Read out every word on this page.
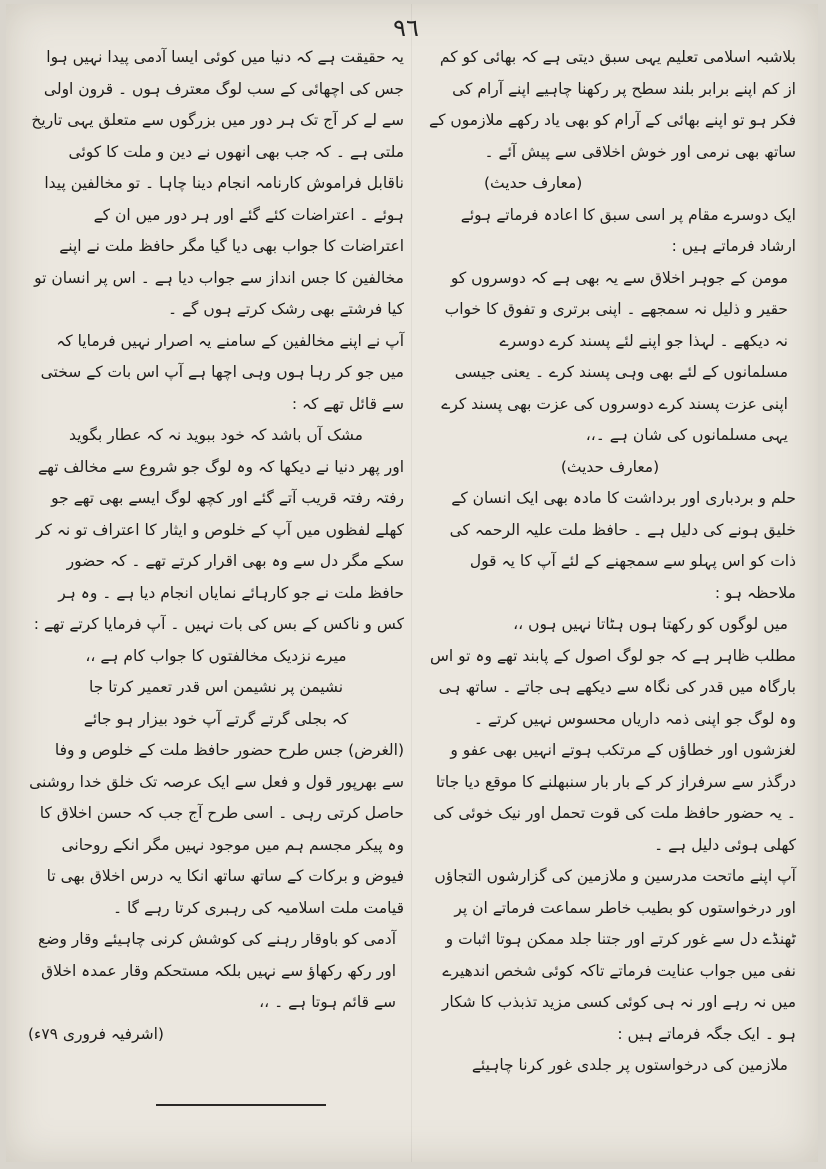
٩٦

بلاشبہ اسلامی تعلیم یہی سبق دیتی ہے کہ بھائی کو کم از کم اپنے برابر بلند سطح پر رکھنا چاہیے اپنے آرام کی فکر ہو تو اپنے بھائی کے آرام کو بھی یاد رکھے ملازموں کے ساتھ بھی نرمی اور خوش اخلاقی سے پیش آئے ۔

(معارف حدیث)

ایک دوسرے مقام پر اسی سبق کا اعادہ فرماتے ہوئے ارشاد فرماتے ہیں :

مومن کے جوہر اخلاق سے یہ بھی ہے کہ دوسروں کو حقیر و ذلیل نہ سمجھے ۔ اپنی برتری و تفوق کا خواب نہ دیکھے ۔ لہذا جو اپنے لئے پسند کرے دوسرے مسلمانوں کے لئے بھی وہی پسند کرے ۔ یعنی جیسی اپنی عزت پسند کرے دوسروں کی عزت بھی پسند کرے یہی مسلمانوں کی شان ہے ۔،،

(معارف حدیث)

حلم و بردباری اور برداشت کا مادہ بھی ایک انسان کے خلیق ہونے کی دلیل ہے ۔ حافظ ملت علیہ الرحمہ کی ذات کو اس پہلو سے سمجھنے کے لئے آپ کا یہ قول ملاحظہ ہو :

میں لوگوں کو رکھتا ہوں ہٹاتا نہیں ہوں ،،

مطلب ظاہر ہے کہ جو لوگ اصول کے پابند تھے وہ تو اس بارگاہ میں قدر کی نگاہ سے دیکھے ہی جاتے ۔ ساتھ ہی وہ لوگ جو اپنی ذمہ داریاں محسوس نہیں کرتے ۔ لغزشوں اور خطاؤں کے مرتکب ہوتے انہیں بھی عفو و درگذر سے سرفراز کر کے بار بار سنبھلنے کا موقع دیا جاتا ۔ یہ حضور حافظ ملت کی قوت تحمل اور نیک خوئی کی کھلی ہوئی دلیل ہے ۔

آپ اپنے ماتحت مدرسین و ملازمین کی گزارشوں التجاؤں اور درخواستوں کو بطیب خاطر سماعت فرماتے ان پر ٹھنڈے دل سے غور کرتے اور جتنا جلد ممکن ہوتا اثبات و نفی میں جواب عنایت فرماتے تاکہ کوئی شخص اندھیرے میں نہ رہے اور نہ ہی کوئی کسی مزید تذبذب کا شکار ہو ۔ ایک جگہ فرماتے ہیں :

ملازمین کی درخواستوں پر جلدی غور کرنا چاہیئے

یہ حقیقت ہے کہ دنیا میں کوئی ایسا آدمی پیدا نہیں ہوا جس کی اچھائی کے سب لوگ معترف ہوں ۔ قرون اولی سے لے کر آج تک ہر دور میں بزرگوں سے متعلق یہی تاریخ ملتی ہے ۔ کہ جب بھی انھوں نے دین و ملت کا کوئی ناقابل فراموش کارنامہ انجام دینا چاہا ۔ تو مخالفین پیدا ہوئے ۔ اعتراضات کئے گئے اور ہر دور میں ان کے اعتراضات کا جواب بھی دیا گیا مگر حافظ ملت نے اپنے مخالفین کا جس انداز سے جواب دیا ہے ۔ اس پر انسان تو کیا فرشتے بھی رشک کرتے ہوں گے ۔

آپ نے اپنے مخالفین کے سامنے یہ اصرار نہیں فرمایا کہ میں جو کر رہا ہوں وہی اچھا ہے آپ اس بات کے سختی سے قائل تھے کہ :

مشک آں باشد کہ خود ببوید نہ کہ عطار بگوید

اور پھر دنیا نے دیکھا کہ وہ لوگ جو شروع سے مخالف تھے رفتہ رفتہ قریب آتے گئے اور کچھ لوگ ایسے بھی تھے جو کھلے لفظوں میں آپ کے خلوص و ایثار کا اعتراف تو نہ کر سکے مگر دل سے وہ بھی اقرار کرتے تھے ۔ کہ حضور حافظ ملت نے جو کارہائے نمایاں انجام دیا ہے ۔ وہ ہر کس و ناکس کے بس کی بات نہیں ۔ آپ فرمایا کرتے تھے :

میرے نزدیک مخالفتوں کا جواب کام ہے ،،

نشیمن پر نشیمن اس قدر تعمیر کرتا جا

کہ بجلی گرتے گرتے آپ خود بیزار ہو جائے

(الغرض) جس طرح حضور حافظ ملت کے خلوص و وفا سے بھرپور قول و فعل سے ایک عرصہ تک خلق خدا روشنی حاصل کرتی رہی ۔ اسی طرح آج جب کہ حسن اخلاق کا وہ پیکر مجسم ہم میں موجود نہیں مگر انکے روحانی فیوض و برکات کے ساتھ ساتھ انکا یہ درس اخلاق بھی تا قیامت ملت اسلامیہ کی رہبری کرتا رہے گا ۔

آدمی کو باوقار رہنے کی کوشش کرنی چاہیئے وقار وضع اور رکھ رکھاؤ سے نہیں بلکہ مستحکم وقار عمدہ اخلاق سے قائم ہوتا ہے ۔ ،،

(اشرفیہ فروری ۷۹ء)
